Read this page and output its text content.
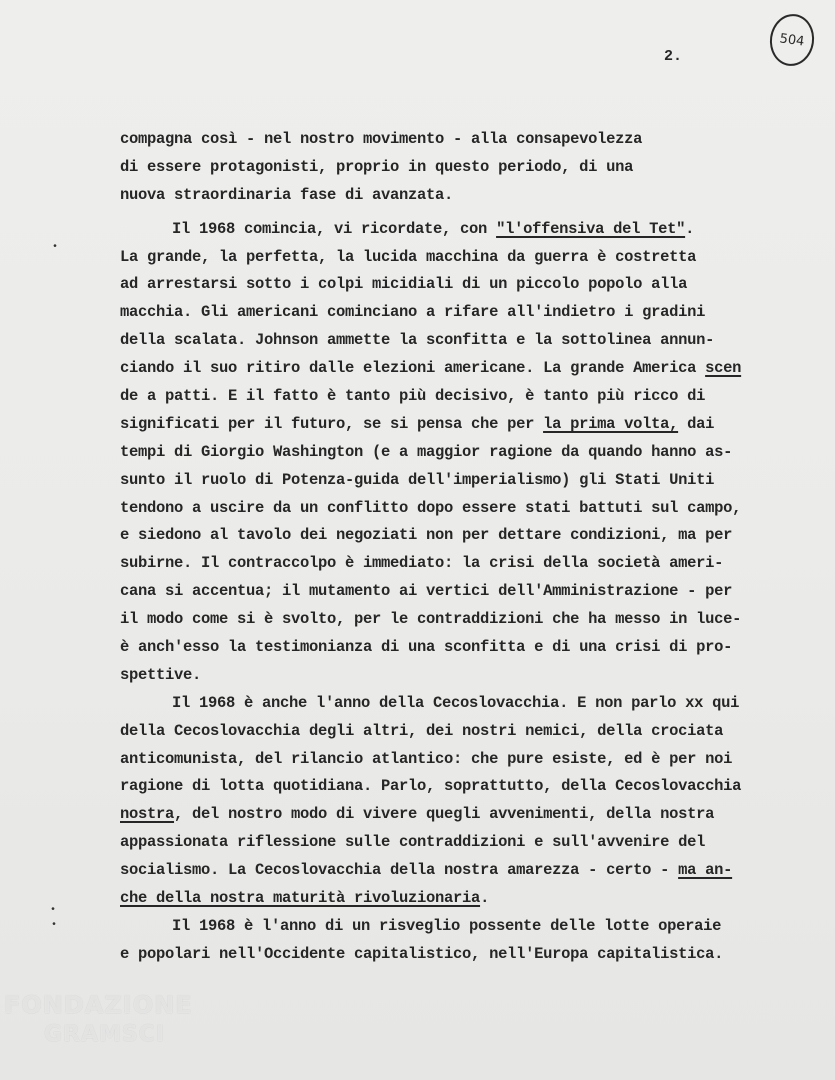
504
2.
compagna così - nel nostro movimento - alla consapevolezza
di essere protagonisti, proprio in questo periodo, di una
nuova straordinaria fase di avanzata.
Il 1968 comincia, vi ricordate, con "l'offensiva del Tet".
La grande, la perfetta, la lucida macchina da guerra è costretta
ad arrestarsi sotto i colpi micidiali di un piccolo popolo alla
macchia. Gli americani cominciano a rifare all'indietro i gradini
della scalata. Johnson ammette la sconfitta e la sottolinea annun-
ciando il suo ritiro dalle elezioni americane. La grande America scen
de a patti. E il fatto è tanto più decisivo, è tanto più ricco di
significati per il futuro, se si pensa che per la prima volta, dai
tempi di Giorgio Washington (e a maggior ragione da quando hanno as-
sunto il ruolo di Potenza-guida dell'imperialismo) gli Stati Uniti
tendono a uscire da un conflitto dopo essere stati battuti sul campo,
e siedono al tavolo dei negoziati non per dettare condizioni, ma per
subirne. Il contraccolpo è immediato: la crisi della società ameri-
cana si accentua; il mutamento ai vertici dell'Amministrazione - per
il modo come si è svolto, per le contraddizioni che ha messo in luce-
è anch'esso la testimonianza di una sconfitta e di una crisi di pro-
spettive.
Il 1968 è anche l'anno della Cecoslovacchia. E non parlo xx qui
della Cecoslovacchia degli altri, dei nostri nemici, della crociata
anticomunista, del rilancio atlantico: che pure esiste, ed è per noi
ragione di lotta quotidiana. Parlo, soprattutto, della Cecoslovacchia
nostra, del nostro modo di vivere quegli avvenimenti, della nostra
appassionata riflessione sulle contraddizioni e sull'avvenire del
socialismo. La Cecoslovacchia della nostra amarezza - certo - ma an-
che della nostra maturità rivoluzionaria.
Il 1968 è l'anno di un risveglio possente delle lotte operaie
e popolari nell'Occidente capitalistico, nell'Europa capitalistica.
•
•
•
FONDAZIONE
GRAMSCI
